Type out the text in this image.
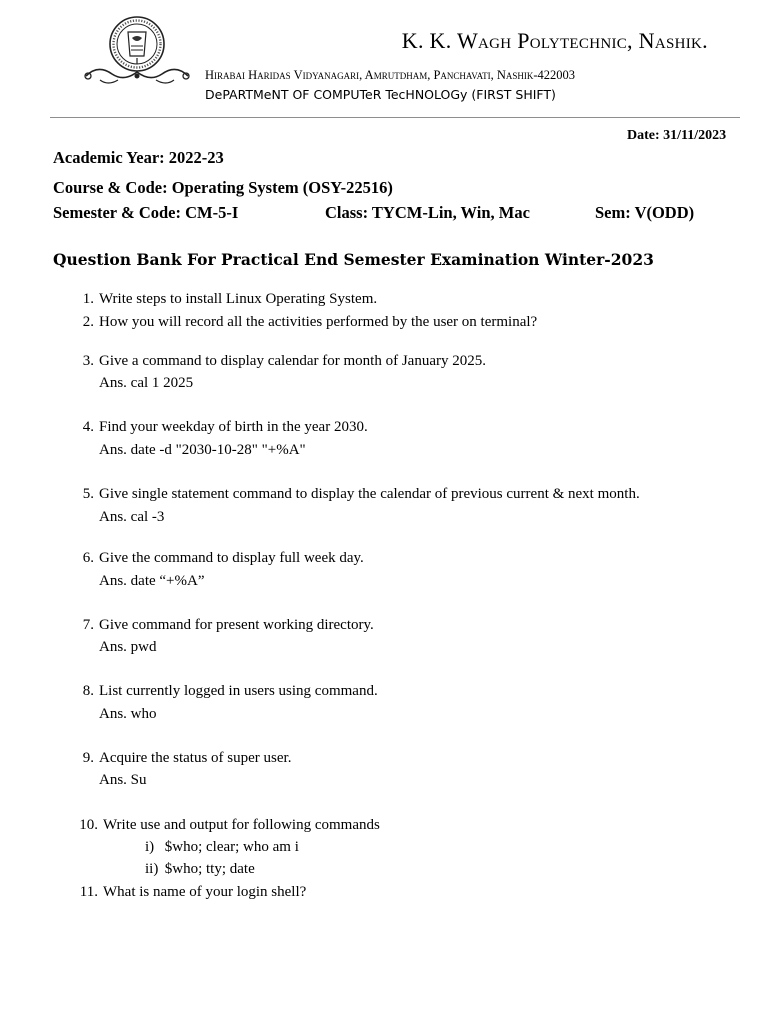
K. K. Wagh Polytechnic, Nashik.
Hirabai Haridas Vidyanagari, Amrutdham, Panchavati, Nashik-422003
DePARTMeNT OF COMPUTeR TecHNOLOGy (FIRST SHIFT)
Date: 31/11/2023
Academic Year: 2022-23
Course & Code: Operating System (OSY-22516)
Semester & Code: CM-5-I	Class: TYCM-Lin, Win, Mac	Sem: V(ODD)
Question Bank For Practical End Semester Examination Winter-2023
1. Write steps to install Linux Operating System.
2. How you will record all the activities performed by the user on terminal?
3. Give a command to display calendar for month of January 2025.
Ans. cal 1 2025
4. Find your weekday of birth in the year 2030.
Ans. date -d "2030-10-28" "+%A"
5. Give single statement command to display the calendar of previous current & next month.
Ans. cal -3
6. Give the command to display full week day.
Ans. date “+%A”
7. Give command for present working directory.
Ans. pwd
8. List currently logged in users using command.
Ans. who
9. Acquire the status of super user.
Ans. Su
10. Write use and output for following commands
i) $who; clear; who am i
ii) $who; tty; date
11. What is name of your login shell?
